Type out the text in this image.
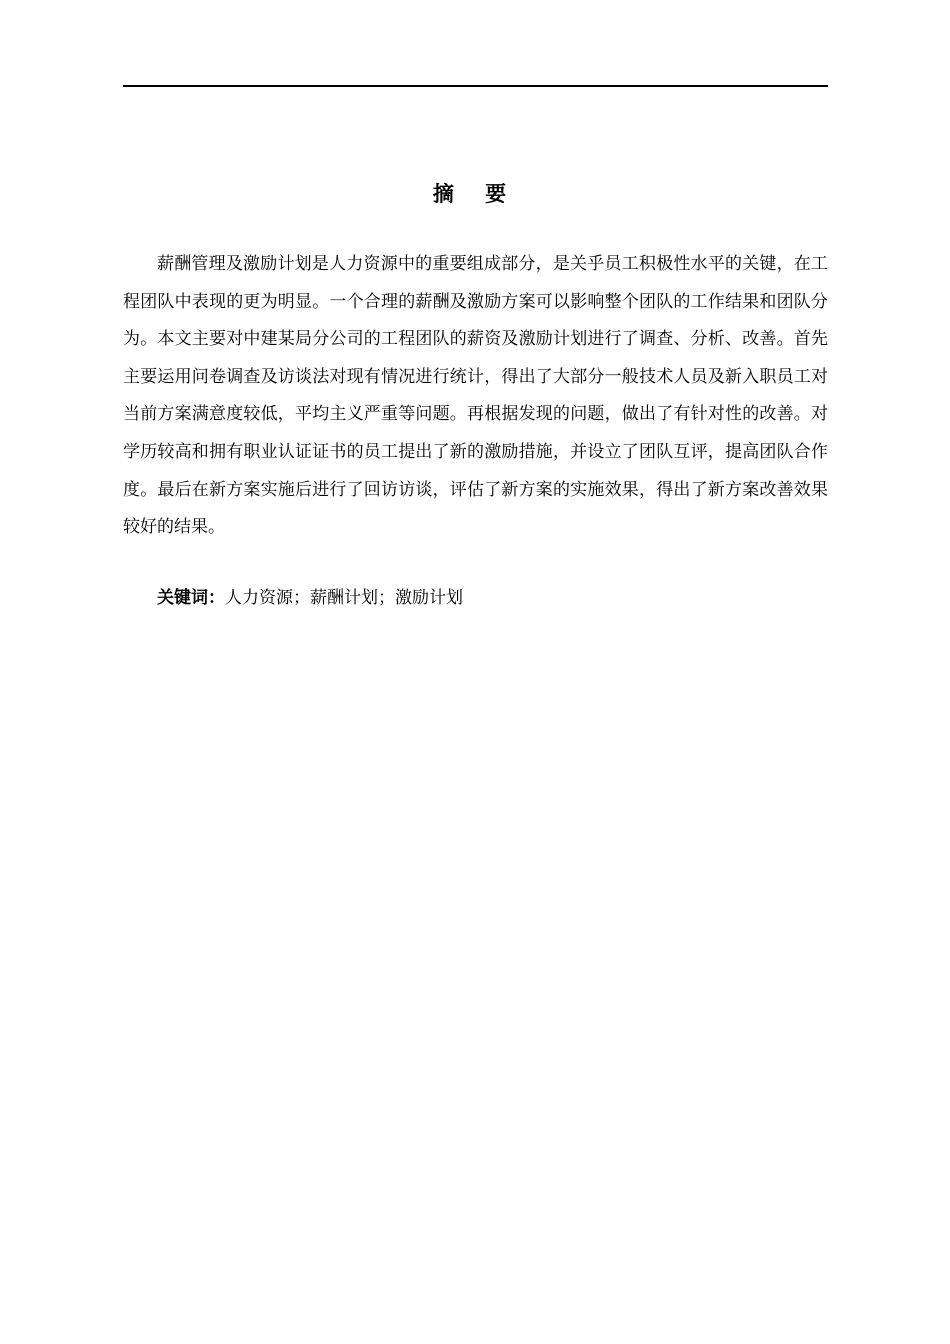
摘 要

薪酬管理及激励计划是人力资源中的重要组成部分，是关乎员工积极性水平的关键，在工程团队中表现的更为明显。一个合理的薪酬及激励方案可以影响整个团队的工作结果和团队分为。本文主要对中建某局分公司的工程团队的薪资及激励计划进行了调查、分析、改善。首先主要运用问卷调查及访谈法对现有情况进行统计，得出了大部分一般技术人员及新入职员工对当前方案满意度较低，平均主义严重等问题。再根据发现的问题，做出了有针对性的改善。对学历较高和拥有职业认证证书的员工提出了新的激励措施，并设立了团队互评，提高团队合作度。最后在新方案实施后进行了回访访谈，评估了新方案的实施效果，得出了新方案改善效果较好的结果。

关键词：人力资源；薪酬计划；激励计划
